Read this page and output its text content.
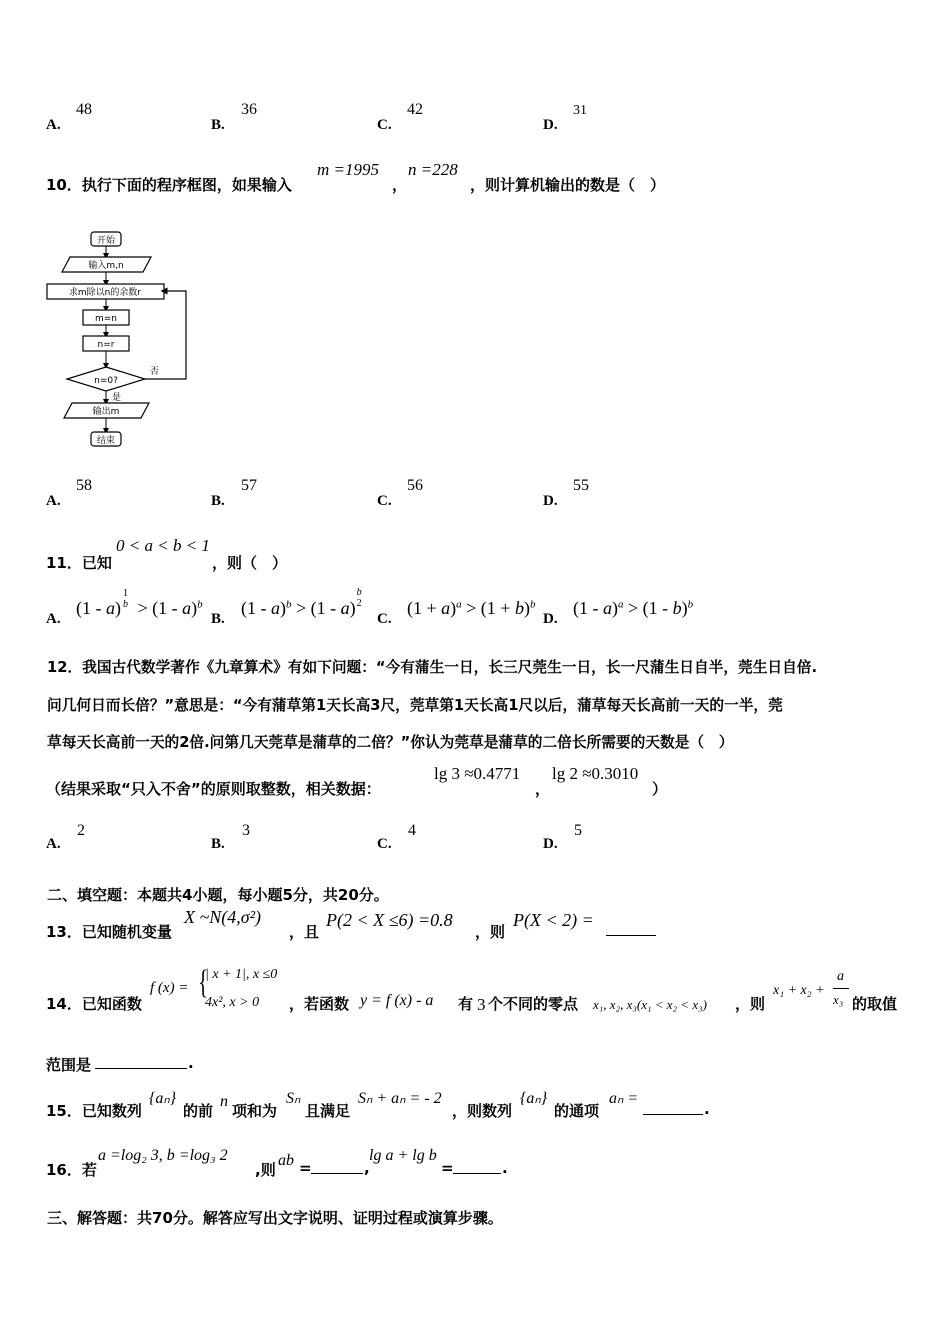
A.
48
B.
36
C.
42
D.
31
10．执行下面的程序框图，如果输入
m =1995
，
n =228
，则计算机输出的数是（　）
开始
输入m,n
求m除以n的余数r
m=n
n=r
n=0?
否
是
输出m
结束
A.
58
B.
57
C.
56
D.
55
11．已知
0 < a < b < 1
，则（　）
A.
(1 - a)
1
b > (1 - a)$^b$
B.
(1 - a)$^b$ > (1 - a)
b
2
C.
$(1 + a)^a > (1 + b)^b$
D.
(1 - a)$^a$ > (1 - b)$^b$
12．我国古代数学著作《九章算术》有如下问题：“今有蒲生一日，长三尺莞生一日，长一尺蒲生日自半，莞生日自倍.
问几何日而长倍？”意思是：“今有蒲草第1天长高3尺，莞草第1天长高1尺以后，蒲草每天长高前一天的一半，莞
草每天长高前一天的2倍.问第几天莞草是蒲草的二倍？”你认为莞草是蒲草的二倍长所需要的天数是（　）
（结果采取“只入不舍”的原则取整数，相关数据：
lg 3 ≈0.4771
，
lg 2 ≈0.3010
）
A.
2
B.
3
C.
4
D.
5
二、填空题：本题共4小题，每小题5分，共20分。
13．已知随机变量
X ~N(4,σ²)
，且
P(2 < X ≤6) =0.8
，则
P(X < 2) =
14．已知函数
f (x) = {
| x + 1|, x ≤0
4x², x > 0 ，若函数 y = f (x) - a 有 3 个不同的零点 x₁, x₂, x₃(x₁ < x₂ < x₃) ，则
x₁ + x₂ +
a
x₃ 的取值
范围是	.
15．已知数列
{aₙ}
的前
n
项和为
Sₙ
且满足
Sₙ + aₙ = - 2
，则数列
{aₙ}
的通项
aₙ =
.
16．若
a =log₂ 3, b =log₃ 2
,则
ab =	,
lg a + lg b
=	.
三、解答题：共70分。解答应写出文字说明、证明过程或演算步骤。
